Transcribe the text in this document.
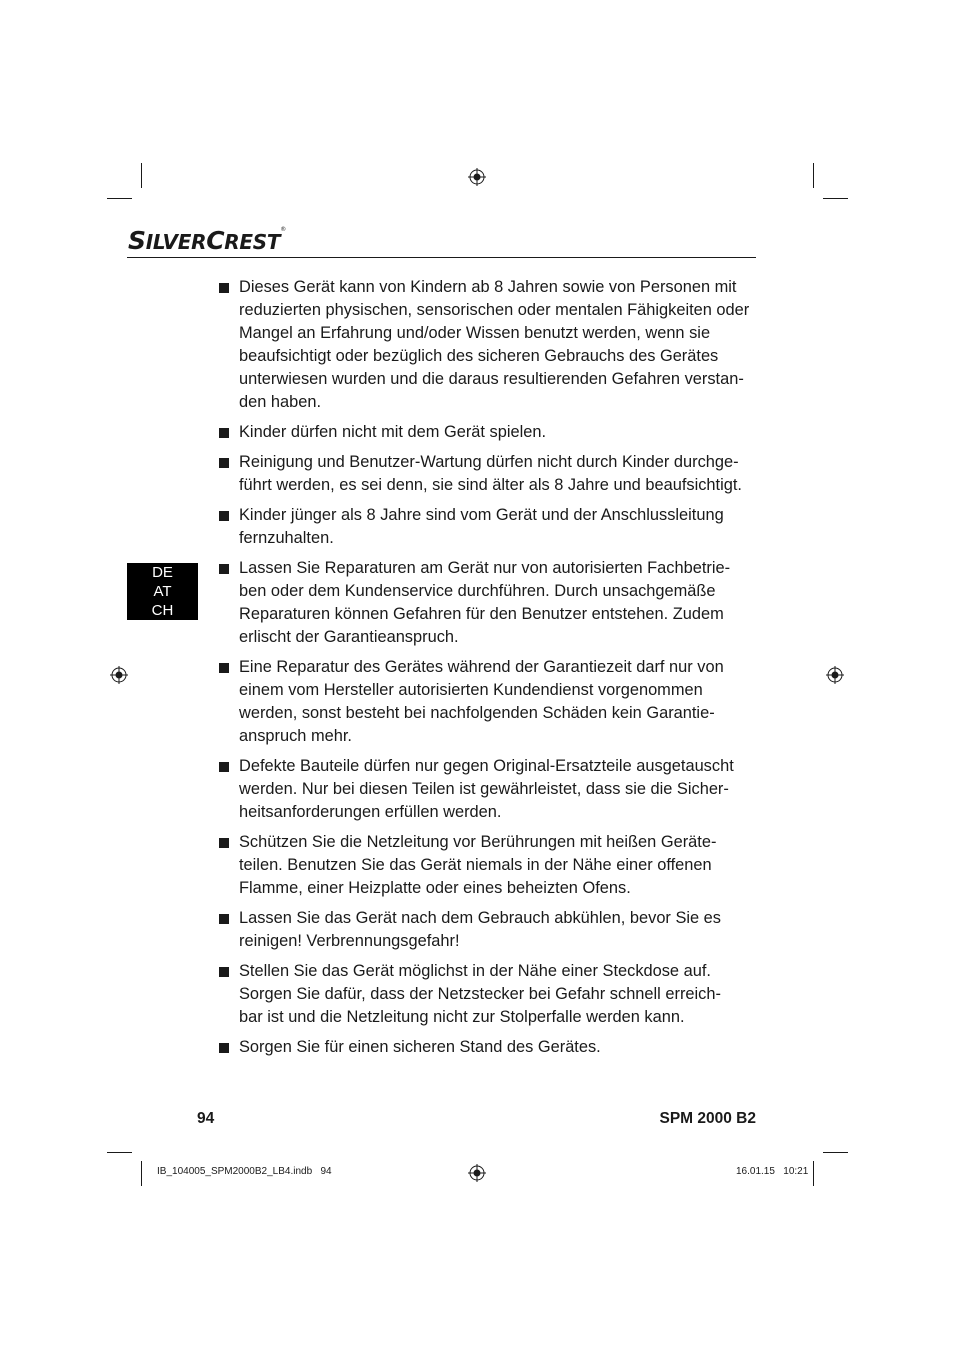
SILVERCREST®
DE
AT
CH
Dieses Gerät kann von Kindern ab 8 Jahren sowie von Personen mit
reduzierten physischen, sensorischen oder mentalen Fähigkeiten oder
Mangel an Erfahrung und/oder Wissen benutzt werden, wenn sie
beaufsichtigt oder bezüglich des sicheren Gebrauchs des Gerätes
unterwiesen wurden und die daraus resultierenden Gefahren verstan-
den haben.
Kinder dürfen nicht mit dem Gerät spielen.
Reinigung und Benutzer-Wartung dürfen nicht durch Kinder durchge-
führt werden, es sei denn, sie sind älter als 8 Jahre und beaufsichtigt.
Kinder jünger als 8 Jahre sind vom Gerät und der Anschlussleitung
fernzuhalten.
Lassen Sie Reparaturen am Gerät nur von autorisierten Fachbetrie-
ben oder dem Kundenservice durchführen. Durch unsachgemäße
Reparaturen können Gefahren für den Benutzer entstehen. Zudem
erlischt der Garantieanspruch.
Eine Reparatur des Gerätes während der Garantiezeit darf nur von
einem vom Hersteller autorisierten Kundendienst vorgenommen
werden, sonst besteht bei nachfolgenden Schäden kein Garantie-
anspruch mehr.
Defekte Bauteile dürfen nur gegen Original-Ersatzteile ausgetauscht
werden. Nur bei diesen Teilen ist gewährleistet, dass sie die Sicher-
heitsanforderungen erfüllen werden.
Schützen Sie die Netzleitung vor Berührungen mit heißen Geräte-
teilen. Benutzen Sie das Gerät niemals in der Nähe einer offenen
Flamme, einer Heizplatte oder eines beheizten Ofens.
Lassen Sie das Gerät nach dem Gebrauch abkühlen, bevor Sie es
reinigen! Verbrennungsgefahr!
Stellen Sie das Gerät möglichst in der Nähe einer Steckdose auf.
Sorgen Sie dafür, dass der Netzstecker bei Gefahr schnell erreich-
bar ist und die Netzleitung nicht zur Stolperfalle werden kann.
Sorgen Sie für einen sicheren Stand des Gerätes.
94	SPM 2000 B2
IB_104005_SPM2000B2_LB4.indb   94	16.01.15   10:21
